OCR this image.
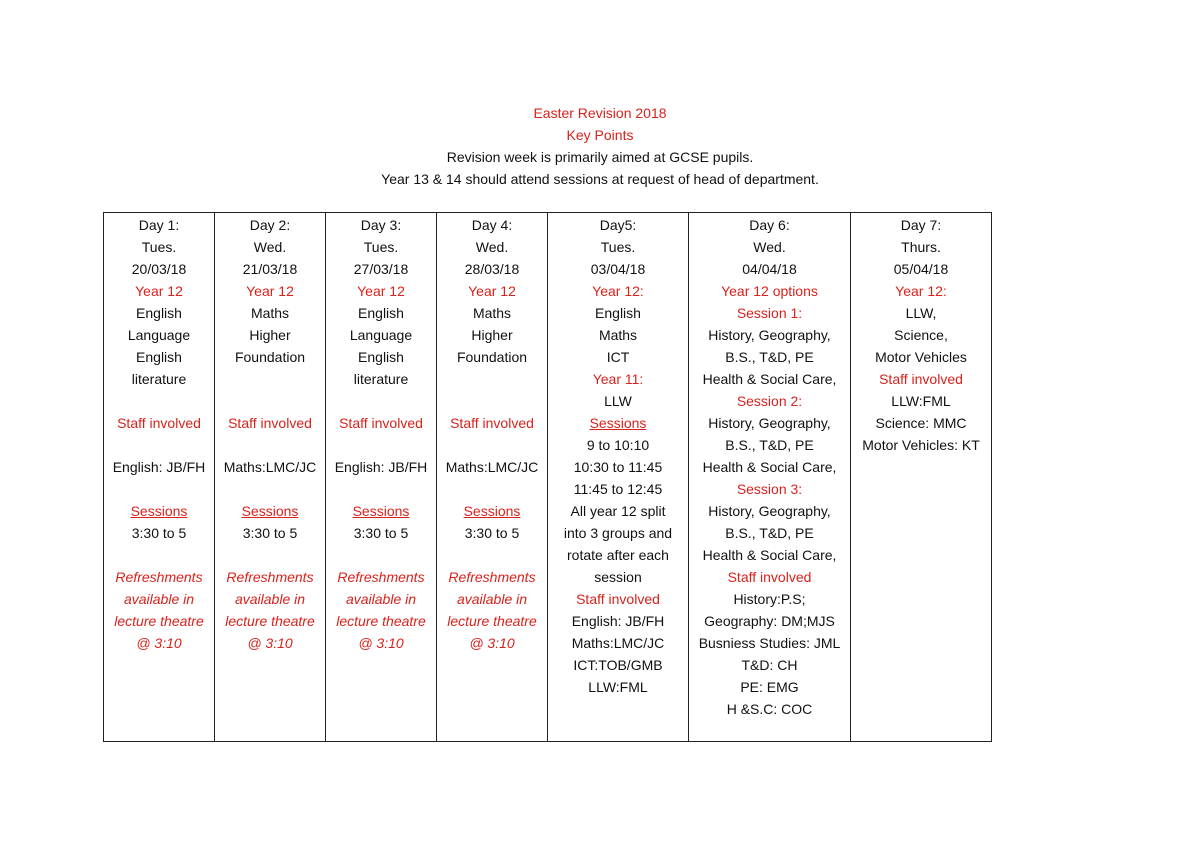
Easter Revision 2018
Key Points
Revision week is primarily aimed at GCSE pupils.
Year 13 & 14 should attend sessions at request of head of department.
Day 1:
Tues.
20/03/18
Year 12
English
Language
English
literature
Staff involved
English: JB/FH
Sessions
3:30 to 5
Refreshments
available in
lecture theatre
@ 3:10
Day 2:
Wed.
21/03/18
Year 12
Maths
Higher
Foundation
Staff involved
Maths:LMC/JC
Sessions
3:30 to 5
Refreshments
available in
lecture theatre
@ 3:10
Day 3:
Tues.
27/03/18
Year 12
English
Language
English
literature
Staff involved
English: JB/FH
Sessions
3:30 to 5
Refreshments
available in
lecture theatre
@ 3:10
Day 4:
Wed.
28/03/18
Year 12
Maths
Higher
Foundation
Staff involved
Maths:LMC/JC
Sessions
3:30 to 5
Refreshments
available in
lecture theatre
@ 3:10
Day5:
Tues.
03/04/18
Year 12:
English
Maths
ICT
Year 11:
LLW
Sessions
9 to 10:10
10:30 to 11:45
11:45 to 12:45
All year 12 split
into 3 groups and
rotate after each
session
Staff involved
English: JB/FH
Maths:LMC/JC
ICT:TOB/GMB
LLW:FML
Day 6:
Wed.
04/04/18
Year 12 options
Session 1:
History, Geography,
B.S., T&D, PE
Health & Social Care,
Session 2:
History, Geography,
B.S., T&D, PE
Health & Social Care,
Session 3:
History, Geography,
B.S., T&D, PE
Health & Social Care,
Staff involved
History:P.S;
Geography: DM;MJS
Busniess Studies: JML
T&D: CH
PE: EMG
H &S.C: COC
Day 7:
Thurs.
05/04/18
Year 12:
LLW,
Science,
Motor Vehicles
Staff involved
LLW:FML
Science: MMC
Motor Vehicles: KT
